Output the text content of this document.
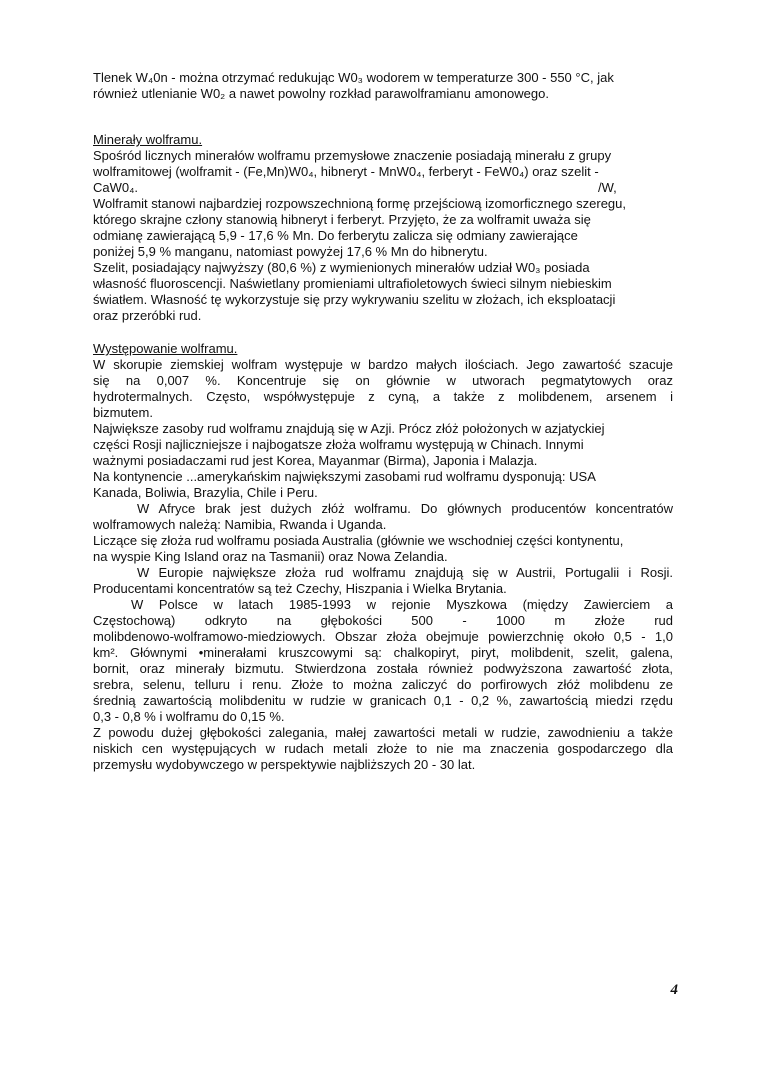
Tlenek W₄0n - można otrzymać redukując W0₃ wodorem w temperaturze 300 - 550 °C, jak
również utlenianie W0₂ a nawet powolny rozkład parawolframianu amonowego.
Minerały wolframu.
Spośród licznych minerałów wolframu przemysłowe znaczenie posiadają minerału z grupy
wolframitowej (wolframit - (Fe,Mn)W0₄, hibneryt - MnW0₄, ferberyt - FeW0₄) oraz szelit -
CaW0₄.	/W,
Wolframit stanowi najbardziej rozpowszechnioną formę przejściową izomorficznego szeregu,
którego skrajne człony stanowią hibneryt i ferberyt. Przyjęto, że za wolframit uważa się
odmianę zawierającą 5,9 - 17,6 % Mn. Do ferberytu zalicza się odmiany zawierające
poniżej 5,9 % manganu, natomiast powyżej 17,6 % Mn do hibnerytu.
Szelit, posiadający najwyższy (80,6 %) z wymienionych minerałów udział W0₃ posiada
własność fluoroscencji. Naświetlany promieniami ultrafioletowych świeci silnym niebieskim
światłem. Własność tę wykorzystuje się przy wykrywaniu szelitu w złożach, ich eksploatacji
oraz przeróbki rud.
Występowanie wolframu.
W skorupie ziemskiej wolfram występuje w bardzo małych ilościach. Jego zawartość szacuje
się na 0,007 %. Koncentruje się on głównie w utworach pegmatytowych oraz
hydrotermalnych. Często, współwystępuje z cyną, a także z molibdenem, arsenem i
bizmutem.
Największe zasoby rud wolframu znajdują się w Azji. Prócz złóż położonych w azjatyckiej
części Rosji najliczniejsze i najbogatsze złoża wolframu występują w Chinach. Innymi
ważnymi posiadaczami rud jest Korea, Mayanmar (Birma), Japonia i Malazja.
Na kontynencie ...amerykańskim największymi zasobami rud wolframu dysponują: USA
Kanada, Boliwia, Brazylia, Chile i Peru.
W Afryce brak jest dużych złóż wolframu. Do głównych producentów koncentratów
wolframowych należą: Namibia, Rwanda i Uganda.
Liczące się złoża rud wolframu posiada Australia (głównie we wschodniej części kontynentu,
na wyspie King Island oraz na Tasmanii) oraz Nowa Zelandia.
W Europie największe złoża rud wolframu znajdują się w Austrii, Portugalii i Rosji.
Producentami koncentratów są też Czechy, Hiszpania i Wielka Brytania.
W Polsce w latach 1985-1993 w rejonie Myszkowa (między Zawierciem a
Częstochową) odkryto na głębokości 500 - 1000 m złoże rud
molibdenowo-wolframowo-miedziowych. Obszar złoża obejmuje powierzchnię około 0,5 - 1,0
km². Głównymi •minerałami kruszcowymi są: chalkopiryt, piryt, molibdenit, szelit, galena,
bornit, oraz minerały bizmutu. Stwierdzona została również podwyższona zawartość złota,
srebra, selenu, telluru i renu. Złoże to można zaliczyć do porfirowych złóż molibdenu ze
średnią zawartością molibdenitu w rudzie w granicach 0,1 - 0,2 %, zawartością miedzi rzędu
0,3 - 0,8 % i wolframu do 0,15 %.
Z powodu dużej głębokości zalegania, małej zawartości metali w rudzie, zawodnieniu a także
niskich cen występujących w rudach metali złoże to nie ma znaczenia gospodarczego dla
przemysłu wydobywczego w perspektywie najbliższych 20 - 30 lat.
4
